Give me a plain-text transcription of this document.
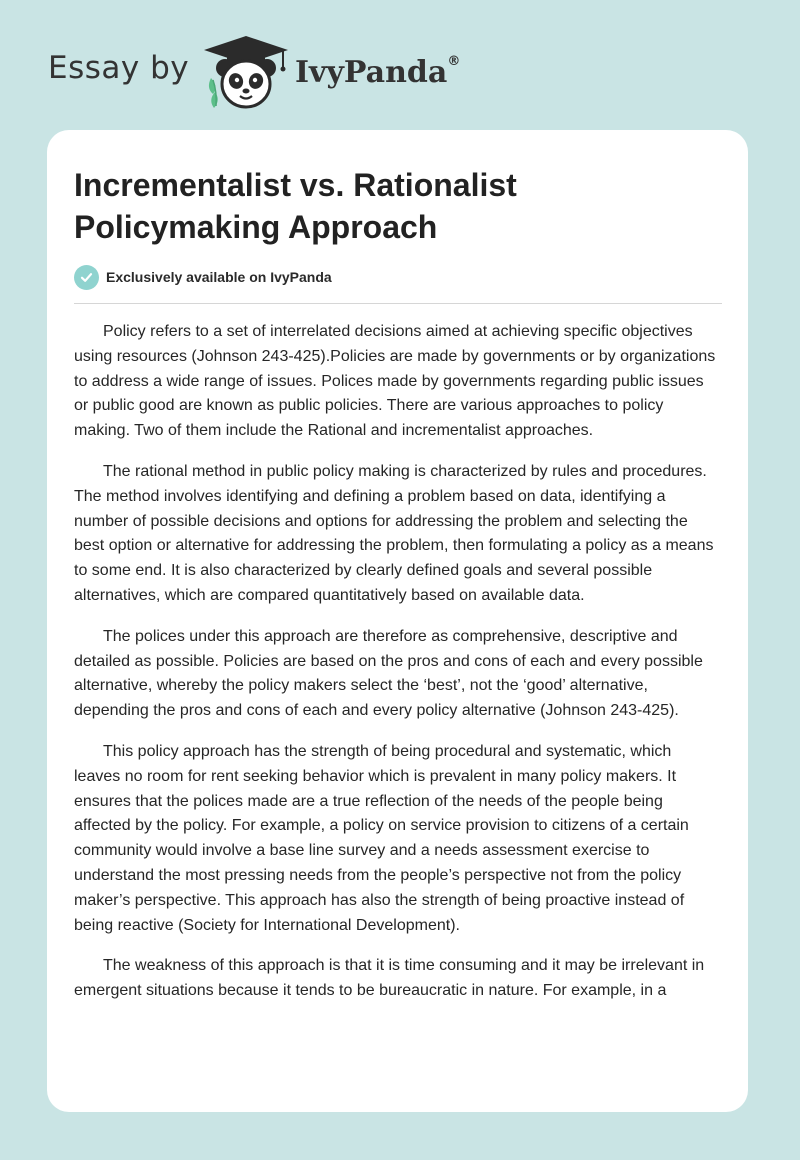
Essay by	IvyPanda®
Incrementalist vs. Rationalist Policymaking Approach
Exclusively available on IvyPanda

Policy refers to a set of interrelated decisions aimed at achieving specific objectives using resources (Johnson 243-425).Policies are made by governments or by organizations to address a wide range of issues. Polices made by governments regarding public issues or public good are known as public policies. There are various approaches to policy making. Two of them include the Rational and incrementalist approaches.

The rational method in public policy making is characterized by rules and procedures. The method involves identifying and defining a problem based on data, identifying a number of possible decisions and options for addressing the problem and selecting the best option or alternative for addressing the problem, then formulating a policy as a means to some end. It is also characterized by clearly defined goals and several possible alternatives, which are compared quantitatively based on available data.

The polices under this approach are therefore as comprehensive, descriptive and detailed as possible. Policies are based on the pros and cons of each and every possible alternative, whereby the policy makers select the ‘best’, not the ‘good’ alternative, depending the pros and cons of each and every policy alternative (Johnson 243-425).

This policy approach has the strength of being procedural and systematic, which leaves no room for rent seeking behavior which is prevalent in many policy makers. It ensures that the polices made are a true reflection of the needs of the people being affected by the policy. For example, a policy on service provision to citizens of a certain community would involve a base line survey and a needs assessment exercise to understand the most pressing needs from the people’s perspective not from the policy maker’s perspective. This approach has also the strength of being proactive instead of being reactive (Society for International Development).

The weakness of this approach is that it is time consuming and it may be irrelevant in emergent situations because it tends to be bureaucratic in nature. For example, in a
